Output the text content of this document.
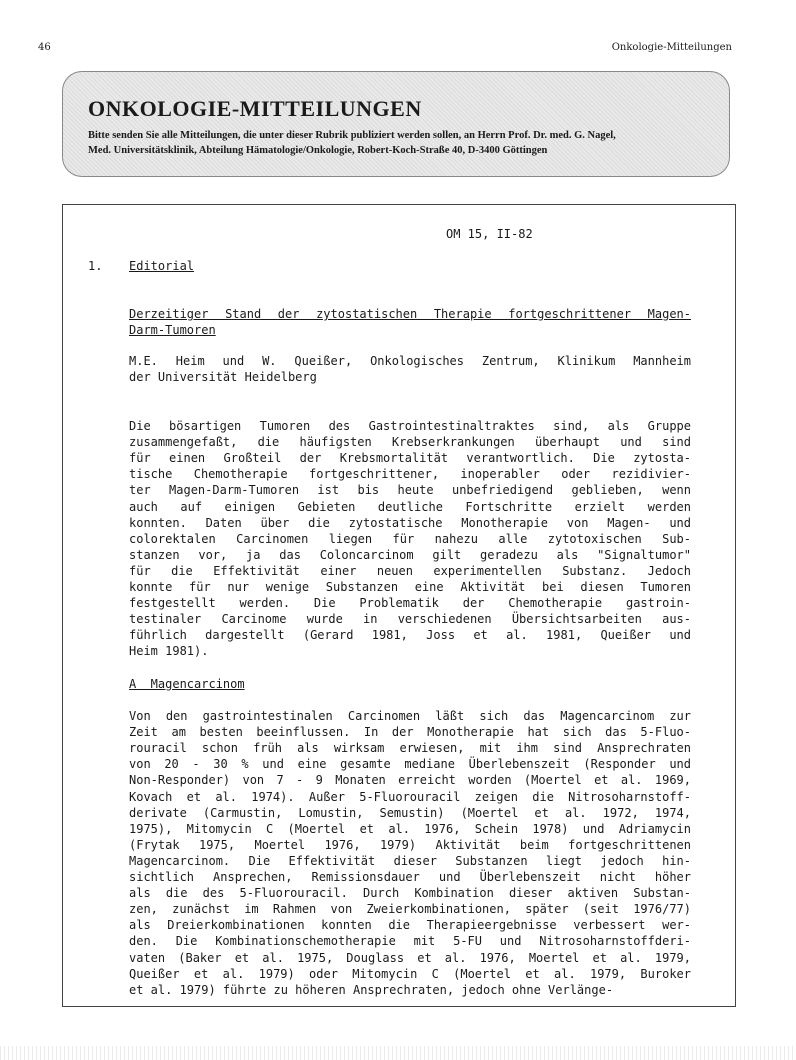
46	Onkologie-Mitteilungen
ONKOLOGIE-MITTEILUNGEN
Bitte senden Sie alle Mitteilungen, die unter dieser Rubrik publiziert werden sollen, an Herrn Prof. Dr. med. G. Nagel,
Med. Universitätsklinik, Abteilung Hämatologie/Onkologie, Robert-Koch-Straße 40, D-3400 Göttingen
OM 15, II-82
1. Editorial
Derzeitiger Stand der zytostatischen Therapie fortgeschrittener Magen-
Darm-Tumoren
M.E.  Heim  und  W.  Queißer,  Onkologisches  Zentrum,  Klinikum  Mannheim
der Universität Heidelberg
Die bösartigen Tumoren des Gastrointestinaltraktes sind, als Gruppe
zusammengefaßt, die häufigsten Krebserkrankungen überhaupt und sind
für einen Großteil der Krebsmortalität verantwortlich. Die zytosta-
tische Chemotherapie fortgeschrittener, inoperabler oder rezidivier-
ter Magen-Darm-Tumoren ist bis heute unbefriedigend geblieben, wenn
auch auf einigen Gebieten deutliche Fortschritte erzielt werden
konnten. Daten über die zytostatische Monotherapie von Magen- und
colorektalen Carcinomen liegen für nahezu alle zytotoxischen Sub-
stanzen vor, ja das Coloncarcinom gilt geradezu als "Signaltumor"
für die Effektivität einer neuen experimentellen Substanz. Jedoch
konnte für nur wenige Substanzen eine Aktivität bei diesen Tumoren
festgestellt werden. Die Problematik der Chemotherapie gastroin-
testinaler Carcinome wurde in verschiedenen Übersichtsarbeiten aus-
führlich dargestellt (Gerard 1981, Joss et al. 1981, Queißer und
Heim 1981).
A  Magencarcinom
Von den gastrointestinalen Carcinomen läßt sich das Magencarcinom zur
Zeit am besten beeinflussen. In der Monotherapie hat sich das 5-Fluo-
rouracil schon früh als wirksam erwiesen, mit ihm sind Ansprechraten
von 20 - 30 % und eine gesamte mediane Überlebenszeit (Responder und
Non-Responder) von 7 - 9 Monaten erreicht worden (Moertel et al. 1969,
Kovach et al. 1974). Außer 5-Fluorouracil zeigen die Nitrosoharnstoff-
derivate (Carmustin, Lomustin, Semustin) (Moertel et al. 1972, 1974,
1975), Mitomycin C (Moertel et al. 1976, Schein 1978) und Adriamycin
(Frytak 1975, Moertel 1976, 1979) Aktivität beim fortgeschrittenen
Magencarcinom. Die Effektivität dieser Substanzen liegt jedoch hin-
sichtlich Ansprechen, Remissionsdauer und Überlebenszeit nicht höher
als die des 5-Fluorouracil. Durch Kombination dieser aktiven Substan-
zen, zunächst im Rahmen von Zweierkombinationen, später (seit 1976/77)
als Dreierkombinationen konnten die Therapieergebnisse verbessert wer-
den. Die Kombinationschemotherapie mit 5-FU und Nitrosoharnstoffderi-
vaten (Baker et al. 1975, Douglass et al. 1976, Moertel et al. 1979,
Queißer et al. 1979) oder Mitomycin C (Moertel et al. 1979, Buroker
et al. 1979) führte zu höheren Ansprechraten, jedoch ohne Verlänge-
